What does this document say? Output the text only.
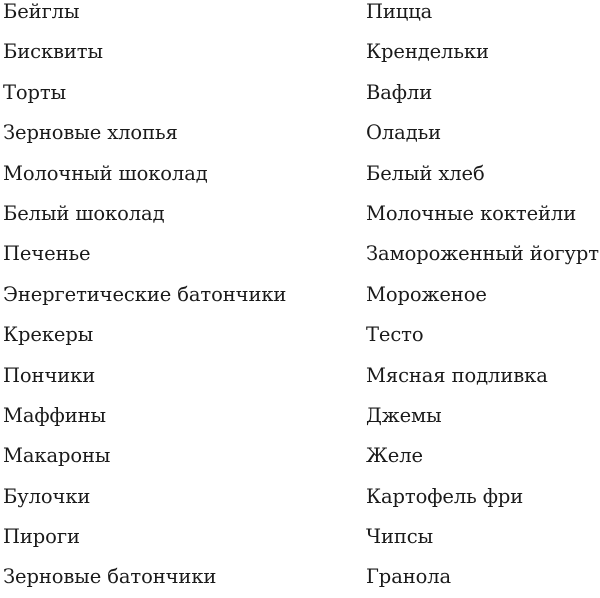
Бейглы
Бисквиты
Торты
Зерновые хлопья
Молочный шоколад
Белый шоколад
Печенье
Энергетические батончики
Крекеры
Пончики
Маффины
Макароны
Булочки
Пироги
Зерновые батончики
Пицца
Крендельки
Вафли
Оладьи
Белый хлеб
Молочные коктейли
Замороженный йогурт
Мороженое
Тесто
Мясная подливка
Джемы
Желе
Картофель фри
Чипсы
Гранола
